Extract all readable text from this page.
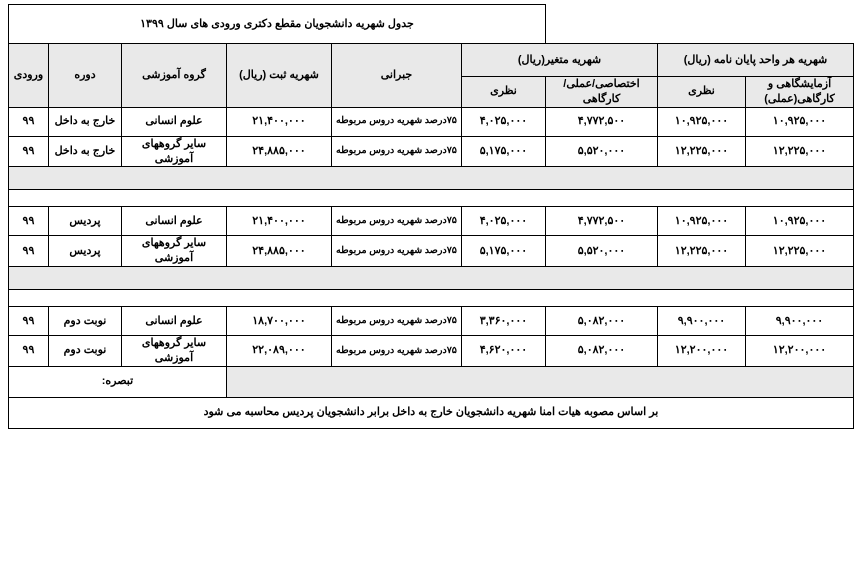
			جدول شهریه دانشجویان مقطع دکتری ورودی های سال ۱۳۹۹					
شهریه هر واحد پایان نامه (ریال)		شهریه متغیر(ریال)		جبرانی	شهریه ثبت (ریال)	گروه آموزشی	دوره	ورودی
آزمایشگاهی و کارگاهی(عملی)	نظری	اختصاصی/عملی/کارگاهی	نظری					
۱۰,۹۲۵,۰۰۰	۱۰,۹۲۵,۰۰۰	۴,۷۷۲,۵۰۰	۴,۰۲۵,۰۰۰	۷۵درصد شهریه دروس مربوطه	۲۱,۴۰۰,۰۰۰	علوم انسانی	خارج به داخل	۹۹
۱۲,۲۲۵,۰۰۰	۱۲,۲۲۵,۰۰۰	۵,۵۲۰,۰۰۰	۵,۱۷۵,۰۰۰	۷۵درصد شهریه دروس مربوطه	۲۴,۸۸۵,۰۰۰	سایر گروههای آموزشی	خارج به داخل	۹۹

۱۰,۹۲۵,۰۰۰	۱۰,۹۲۵,۰۰۰	۴,۷۷۲,۵۰۰	۴,۰۲۵,۰۰۰	۷۵درصد شهریه دروس مربوطه	۲۱,۴۰۰,۰۰۰	علوم انسانی	پردیس	۹۹
۱۲,۲۲۵,۰۰۰	۱۲,۲۲۵,۰۰۰	۵,۵۲۰,۰۰۰	۵,۱۷۵,۰۰۰	۷۵درصد شهریه دروس مربوطه	۲۴,۸۸۵,۰۰۰	سایر گروههای آموزشی	پردیس	۹۹

۹,۹۰۰,۰۰۰	۹,۹۰۰,۰۰۰	۵,۰۸۲,۰۰۰	۳,۳۶۰,۰۰۰	۷۵درصد شهریه دروس مربوطه	۱۸,۷۰۰,۰۰۰	علوم انسانی	نوبت دوم	۹۹
۱۲,۲۰۰,۰۰۰	۱۲,۲۰۰,۰۰۰	۵,۰۸۲,۰۰۰	۴,۶۲۰,۰۰۰	۷۵درصد شهریه دروس مربوطه	۲۲,۰۸۹,۰۰۰	سایر گروههای آموزشی	نوبت دوم	۹۹
						تبصره:		
بر اساس مصوبه هیات امنا شهریه دانشجویان خارج به داخل برابر دانشجویان پردیس محاسبه می شود								
